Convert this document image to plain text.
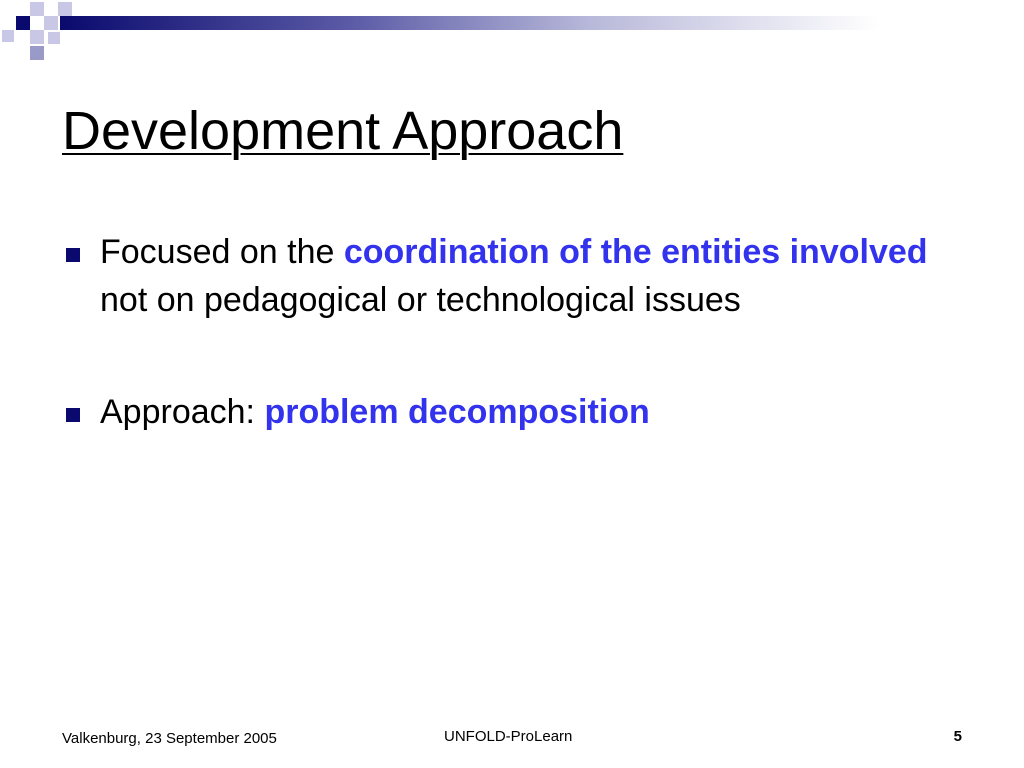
Development Approach
Focused on the coordination of the entities involved not on pedagogical or technological issues
Approach: problem decomposition
Valkenburg, 23 September 2005	UNFOLD-ProLearn	5
